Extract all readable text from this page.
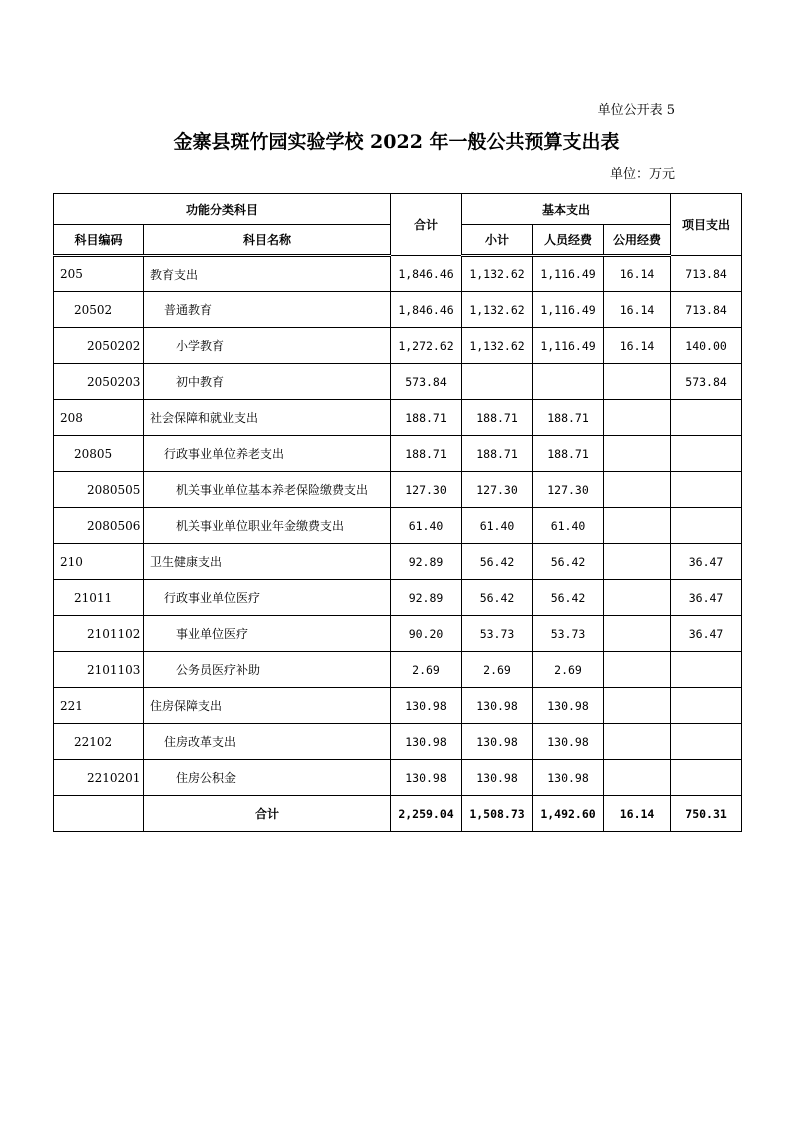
单位公开表 5
金寨县斑竹园实验学校 2022 年一般公共预算支出表
单位：万元
功能分类科目		合计	基本支出			项目支出
科目编码	科目名称		小计	人员经费	公用经费	
205	教育支出	1,846.46	1,132.62	1,116.49	16.14	713.84
20502	普通教育	1,846.46	1,132.62	1,116.49	16.14	713.84
2050202	小学教育	1,272.62	1,132.62	1,116.49	16.14	140.00
2050203	初中教育	573.84				573.84
208	社会保障和就业支出	188.71	188.71	188.71		
20805	行政事业单位养老支出	188.71	188.71	188.71		
2080505	机关事业单位基本养老保险缴费支出	127.30	127.30	127.30		
2080506	机关事业单位职业年金缴费支出	61.40	61.40	61.40		
210	卫生健康支出	92.89	56.42	56.42		36.47
21011	行政事业单位医疗	92.89	56.42	56.42		36.47
2101102	事业单位医疗	90.20	53.73	53.73		36.47
2101103	公务员医疗补助	2.69	2.69	2.69		
221	住房保障支出	130.98	130.98	130.98		
22102	住房改革支出	130.98	130.98	130.98		
2210201	住房公积金	130.98	130.98	130.98		
	合计	2,259.04	1,508.73	1,492.60	16.14	750.31
